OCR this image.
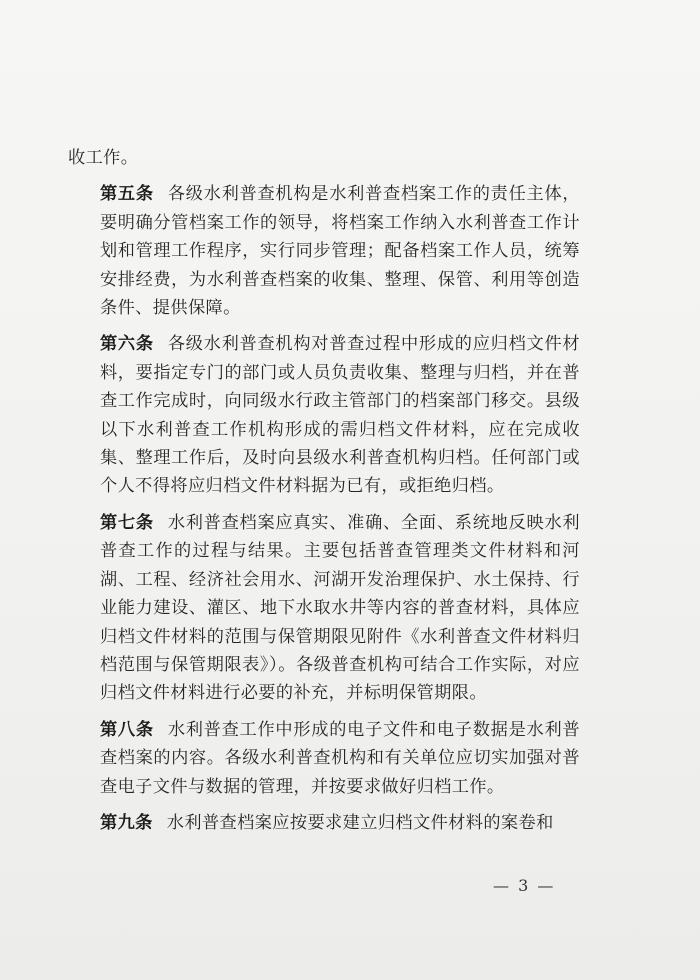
收工作。

第五条 各级水利普查机构是水利普查档案工作的责任主体，要明确分管档案工作的领导，将档案工作纳入水利普查工作计划和管理工作程序，实行同步管理；配备档案工作人员，统筹安排经费，为水利普查档案的收集、整理、保管、利用等创造条件、提供保障。

第六条 各级水利普查机构对普查过程中形成的应归档文件材料，要指定专门的部门或人员负责收集、整理与归档，并在普查工作完成时，向同级水行政主管部门的档案部门移交。县级以下水利普查工作机构形成的需归档文件材料，应在完成收集、整理工作后，及时向县级水利普查机构归档。任何部门或个人不得将应归档文件材料据为已有，或拒绝归档。

第七条 水利普查档案应真实、准确、全面、系统地反映水利普查工作的过程与结果。主要包括普查管理类文件材料和河湖、工程、经济社会用水、河湖开发治理保护、水土保持、行业能力建设、灌区、地下水取水井等内容的普查材料，具体应归档文件材料的范围与保管期限见附件《水利普查文件材料归档范围与保管期限表》）。各级普查机构可结合工作实际，对应归档文件材料进行必要的补充，并标明保管期限。

第八条 水利普查工作中形成的电子文件和电子数据是水利普查档案的内容。各级水利普查机构和有关单位应切实加强对普查电子文件与数据的管理，并按要求做好归档工作。

第九条 水利普查档案应按要求建立归档文件材料的案卷和

— 3 —
